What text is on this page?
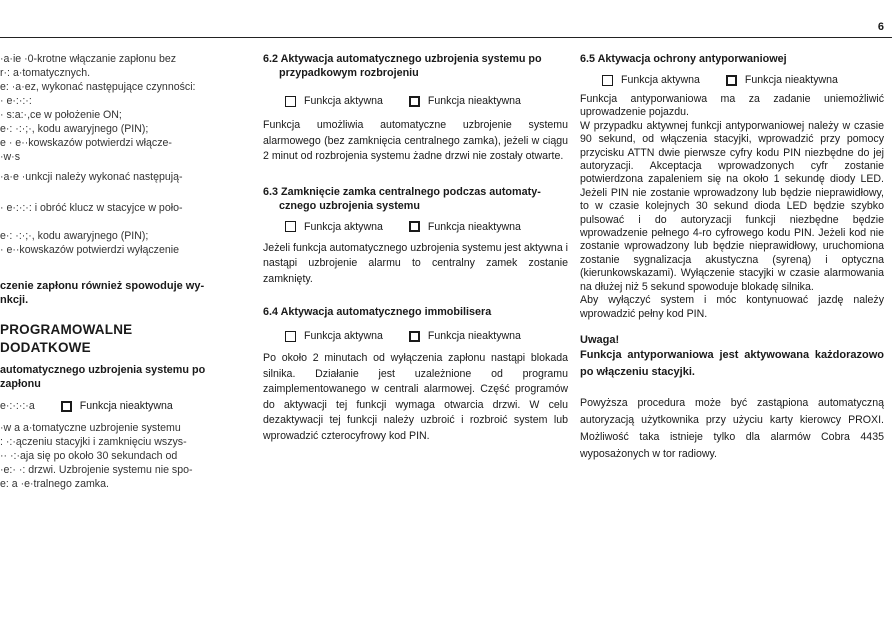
6

·a·ie ·0-krotne włączanie zapłonu bez
r·: a·tomatycznych.
e: ·a·ez, wykonać następujące czynności:
· e·:·:·:
· s:a:·,ce w położenie ON;
e·: ·:·;·, kodu awaryjnego (PIN);
e · e··kowskazów potwierdzi włącze-
·w·s

·a·e ·unkcji należy wykonać następują-

· e·:·:·: i obróć klucz w stacyjce w poło-

e·: ·:·;·, kodu awaryjnego (PIN);
· e··kowskazów potwierdzi wyłączenie

czenie zapłonu również spowoduje wy-
nkcji.

PROGRAMOWALNE DODATKOWE
automatycznego uzbrojenia systemu po
zapłonu
e·:·:·:·a	Funkcja nieaktywna

·w a a·tomatyczne uzbrojenie systemu
: ·:·ączeniu stacyjki i zamknięciu wszys-
·· ·:·aja się po około 30 sekundach od
·e:· ·: drzwi. Uzbrojenie systemu nie spo-
e: a ·e·tralnego zamka.

6.2 Aktywacja automatycznego uzbrojenia systemu po
przypadkowym rozbrojeniu
Funkcja aktywna	Funkcja nieaktywna

Funkcja umożliwia automatyczne uzbrojenie systemu alarmowego (bez zamknięcia centralnego zamka), jeżeli w ciągu 2 minut od rozbrojenia systemu żadne drzwi nie zostały otwarte.

6.3 Zamknięcie zamka centralnego podczas automaty-
cznego uzbrojenia systemu
Funkcja aktywna	Funkcja nieaktywna

Jeżeli funkcja automatycznego uzbrojenia systemu jest aktywna i nastąpi uzbrojenie alarmu to centralny zamek zostanie zamknięty.

6.4 Aktywacja automatycznego immobilisera
Funkcja aktywna	Funkcja nieaktywna

Po około 2 minutach od wyłączenia zapłonu nastąpi blokada silnika. Działanie jest uzależnione od programu zaimplementowanego w centrali alarmowej. Część programów do aktywacji tej funkcji wymaga otwarcia drzwi. W celu dezaktywacji tej funkcji należy uzbroić i rozbroić system lub wprowadzić czterocyfrowy kod PIN.

6.5 Aktywacja ochrony antyporwaniowej
Funkcja aktywna	Funkcja nieaktywna

Funkcja antyporwaniowa ma za zadanie uniemożliwić uprowadzenie pojazdu.

W przypadku aktywnej funkcji antyporwaniowej należy w czasie 90 sekund, od włączenia stacyjki, wprowadzić przy pomocy przycisku ATTN dwie pierwsze cyfry kodu PIN niezbędne do jej autoryzacji. Akceptacja wprowadzonych cyfr zostanie potwierdzona zapaleniem się na około 1 sekundę diody LED. Jeżeli PIN nie zostanie wprowadzony lub będzie nieprawidłowy, to w czasie kolejnych 30 sekund dioda LED będzie szybko pulsować i do autoryzacji funkcji niezbędne będzie wprowadzenie pełnego 4-ro cyfrowego kodu PIN. Jeżeli kod nie zostanie wprowadzony lub będzie nieprawidłowy, uruchomiona zostanie sygnalizacja akustyczna (syreną) i optyczna (kierunkowskazami). Wyłączenie stacyjki w czasie alarmowania na dłużej niż 5 sekund spowoduje blokadę silnika.

Aby wyłączyć system i móc kontynuować jazdę należy wprowadzić pełny kod PIN.

Uwaga!

Funkcja antyporwaniowa jest aktywowana każdorazowo po włączeniu stacyjki.

Powyższa procedura może być zastąpiona automatyczną autoryzacją użytkownika przy użyciu karty kierowcy PROXI. Możliwość taka istnieje tylko dla alarmów Cobra 4435 wyposażonych w tor radiowy.
